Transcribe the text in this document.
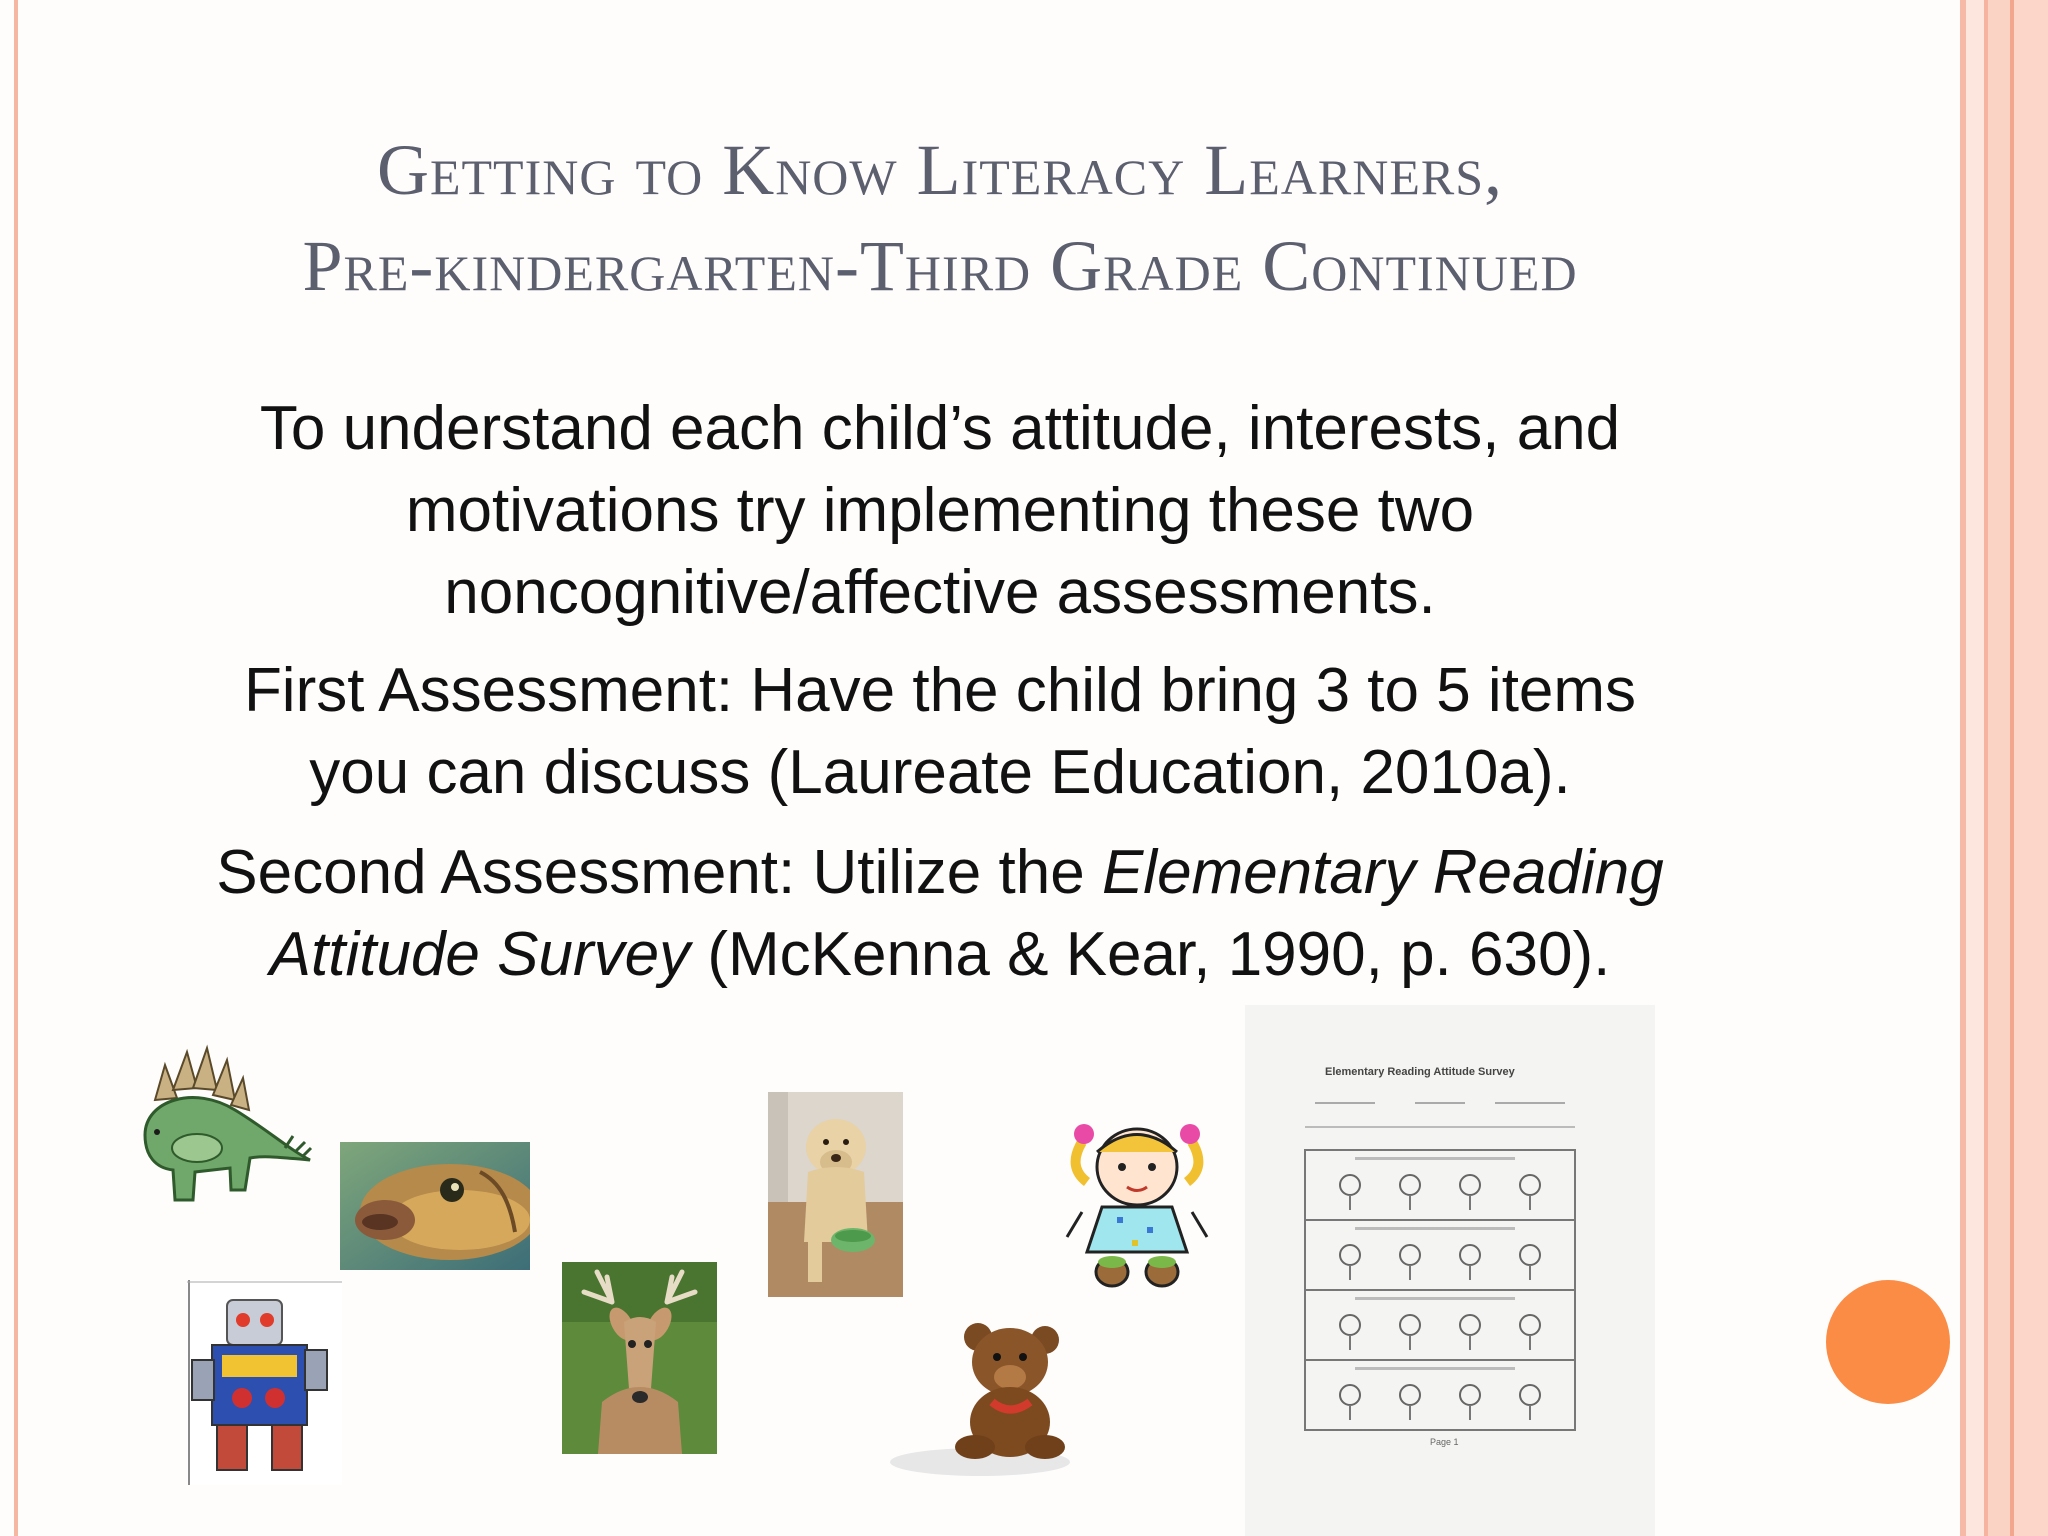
Getting to Know Literacy Learners,
Pre-kindergarten-Third Grade Continued
To understand each child’s attitude, interests, and
motivations try implementing these two
noncognitive/affective assessments.
First Assessment: Have the child bring 3 to 5 items
you can discuss (Laureate Education, 2010a).
Second Assessment: Utilize the Elementary Reading
Attitude Survey (McKenna & Kear, 1990, p. 630).
Elementary Reading Attitude Survey
Page 1
